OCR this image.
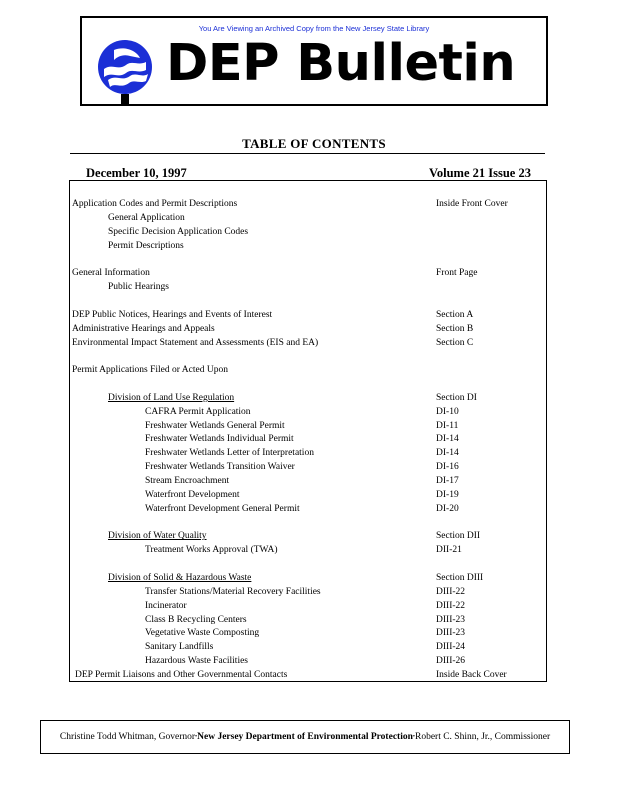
You Are Viewing an Archived Copy from the New Jersey State Library
DEP Bulletin
TABLE OF CONTENTS
December 10, 1997	Volume 21 Issue 23
Application Codes and Permit Descriptions	Inside Front Cover
General Application
Specific Decision Application Codes
Permit Descriptions
General Information	Front Page
Public Hearings
DEP Public Notices, Hearings and Events of Interest	Section A
Administrative Hearings and Appeals	Section B
Environmental Impact Statement and Assessments (EIS and EA)	Section C
Permit Applications Filed or Acted Upon
Division of Land Use Regulation	Section DI
CAFRA Permit Application	DI-10
Freshwater Wetlands General Permit	DI-11
Freshwater Wetlands Individual Permit	DI-14
Freshwater Wetlands Letter of Interpretation	DI-14
Freshwater Wetlands Transition Waiver	DI-16
Stream Encroachment	DI-17
Waterfront Development	DI-19
Waterfront Development General Permit	DI-20
Division of Water Quality	Section DII
Treatment Works Approval (TWA)	DII-21
Division of Solid & Hazardous Waste	Section DIII
Transfer Stations/Material Recovery Facilities	DIII-22
Incinerator	DIII-22
Class B Recycling Centers	DIII-23
Vegetative Waste Composting	DIII-23
Sanitary Landfills	DIII-24
Hazardous Waste Facilities	DIII-26
DEP Permit Liaisons and Other Governmental Contacts	Inside Back Cover
Christine Todd Whitman, Governor • New Jersey Department of Environmental Protection • Robert C. Shinn, Jr., Commissioner
